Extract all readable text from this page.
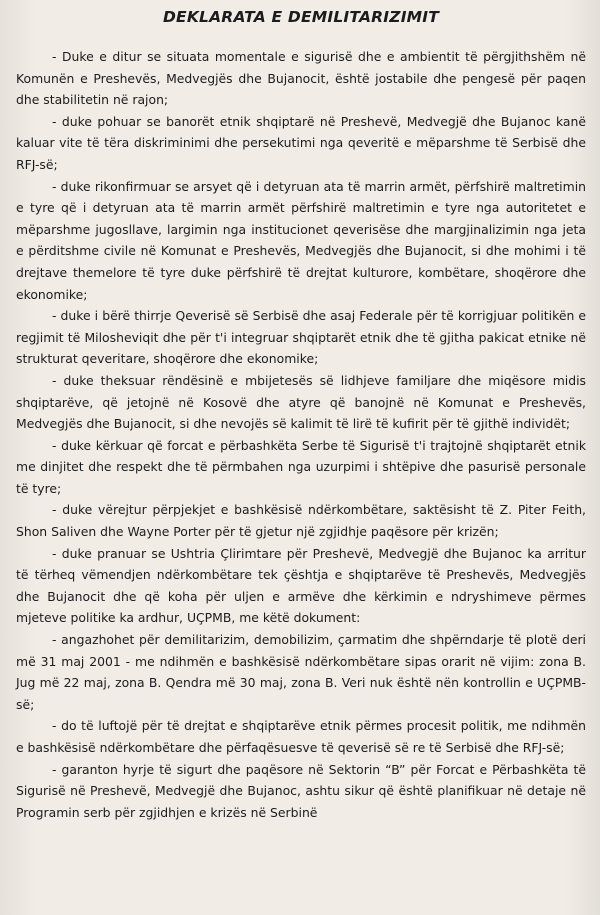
DEKLARATA E DEMILITARIZIMIT

- Duke e ditur se situata momentale e sigurisë dhe e ambientit të përgjithshëm në Komunën e Preshevës, Medvegjës dhe Bujanocit, është jostabile dhe pengesë për paqen dhe stabilitetin në rajon;

- duke pohuar se banorët etnik shqiptarë në Preshevë, Medvegjë dhe Bujanoc kanë kaluar vite të tëra diskriminimi dhe persekutimi nga qeveritë e mëparshme të Serbisë dhe RFJ-së;

- duke rikonfirmuar se arsyet që i detyruan ata të marrin armët, përfshirë maltretimin e tyre që i detyruan ata të marrin armët përfshirë maltretimin e tyre nga autoritetet e mëparshme jugosllave, largimin nga institucionet qeverisëse dhe margjinalizimin nga jeta e përditshme civile në Komunat e Preshevës, Medvegjës dhe Bujanocit, si dhe mohimi i të drejtave themelore të tyre duke përfshirë të drejtat kulturore, kombëtare, shoqërore dhe ekonomike;

- duke i bërë thirrje Qeverisë së Serbisë dhe asaj Federale për të korrigjuar politikën e regjimit të Milosheviqit dhe për t'i integruar shqiptarët etnik dhe të gjitha pakicat etnike në strukturat qeveritare, shoqërore dhe ekonomike;

- duke theksuar rëndësinë e mbijetesës së lidhjeve familjare dhe miqësore midis shqiptarëve, që jetojnë në Kosovë dhe atyre që banojnë në Komunat e Preshevës, Medvegjës dhe Bujanocit, si dhe nevojës së kalimit të lirë të kufirit për të gjithë individët;

- duke kërkuar që forcat e përbashkëta Serbe të Sigurisë t'i trajtojnë shqiptarët etnik me dinjitet dhe respekt dhe të përmbahen nga uzurpimi i shtëpive dhe pasurisë personale të tyre;

- duke vërejtur përpjekjet e bashkësisë ndërkombëtare, saktësisht të Z. Piter Feith, Shon Saliven dhe Wayne Porter për të gjetur një zgjidhje paqësore për krizën;

- duke pranuar se Ushtria Çlirimtare për Preshevë, Medvegjë dhe Bujanoc ka arritur të tërheq vëmendjen ndërkombëtare tek çështja e shqiptarëve të Preshevës, Medvegjës dhe Bujanocit dhe që koha për uljen e armëve dhe kërkimin e ndryshimeve përmes mjeteve politike ka ardhur, UÇPMB, me këtë dokument:

- angazhohet për demilitarizim, demobilizim, çarmatim dhe shpërndarje të plotë deri më 31 maj 2001 - me ndihmën e bashkësisë ndërkombëtare sipas orarit në vijim: zona B. Jug më 22 maj, zona B. Qendra më 30 maj, zona B. Veri nuk është nën kontrollin e UÇPMB-së;

- do të luftojë për të drejtat e shqiptarëve etnik përmes procesit politik, me ndihmën e bashkësisë ndërkombëtare dhe përfaqësuesve të qeverisë së re të Serbisë dhe RFJ-së;

- garanton hyrje të sigurt dhe paqësore në Sektorin “B” për Forcat e Përbashkëta të Sigurisë në Preshevë, Medvegjë dhe Bujanoc, ashtu sikur që është planifikuar në detaje në Programin serb për zgjidhjen e krizës në Serbinë
